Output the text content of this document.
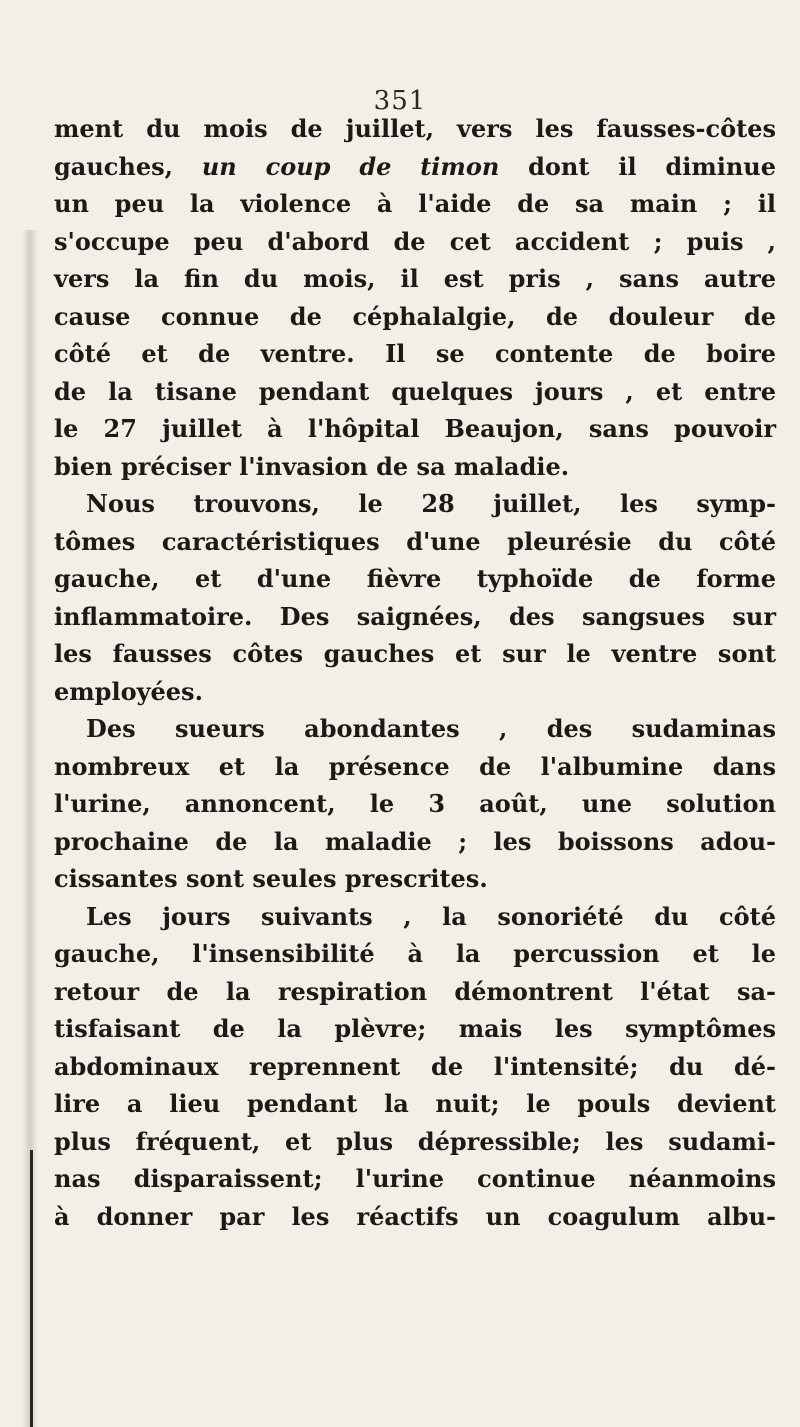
351
ment du mois de juillet, vers les fausses-côtes
gauches, un coup de timon dont il diminue
un peu la violence à l'aide de sa main ; il
s'occupe peu d'abord de cet accident ; puis ,
vers la fin du mois, il est pris , sans autre
cause connue de céphalalgie, de douleur de
côté et de ventre. Il se contente de boire
de la tisane pendant quelques jours , et entre
le 27 juillet à l'hôpital Beaujon, sans pouvoir
bien préciser l'invasion de sa maladie.
Nous trouvons, le 28 juillet, les symp-
tômes caractéristiques d'une pleurésie du côté
gauche, et d'une fièvre typhoïde de forme
inflammatoire. Des saignées, des sangsues sur
les fausses côtes gauches et sur le ventre sont
employées.
Des sueurs abondantes , des sudaminas
nombreux et la présence de l'albumine dans
l'urine, annoncent, le 3 août, une solution
prochaine de la maladie ; les boissons adou-
cissantes sont seules prescrites.
Les jours suivants , la sonoriété du côté
gauche, l'insensibilité à la percussion et le
retour de la respiration démontrent l'état sa-
tisfaisant de la plèvre; mais les symptômes
abdominaux reprennent de l'intensité; du dé-
lire a lieu pendant la nuit; le pouls devient
plus fréquent, et plus dépressible; les sudami-
nas disparaissent; l'urine continue néanmoins
à donner par les réactifs un coagulum albu-
